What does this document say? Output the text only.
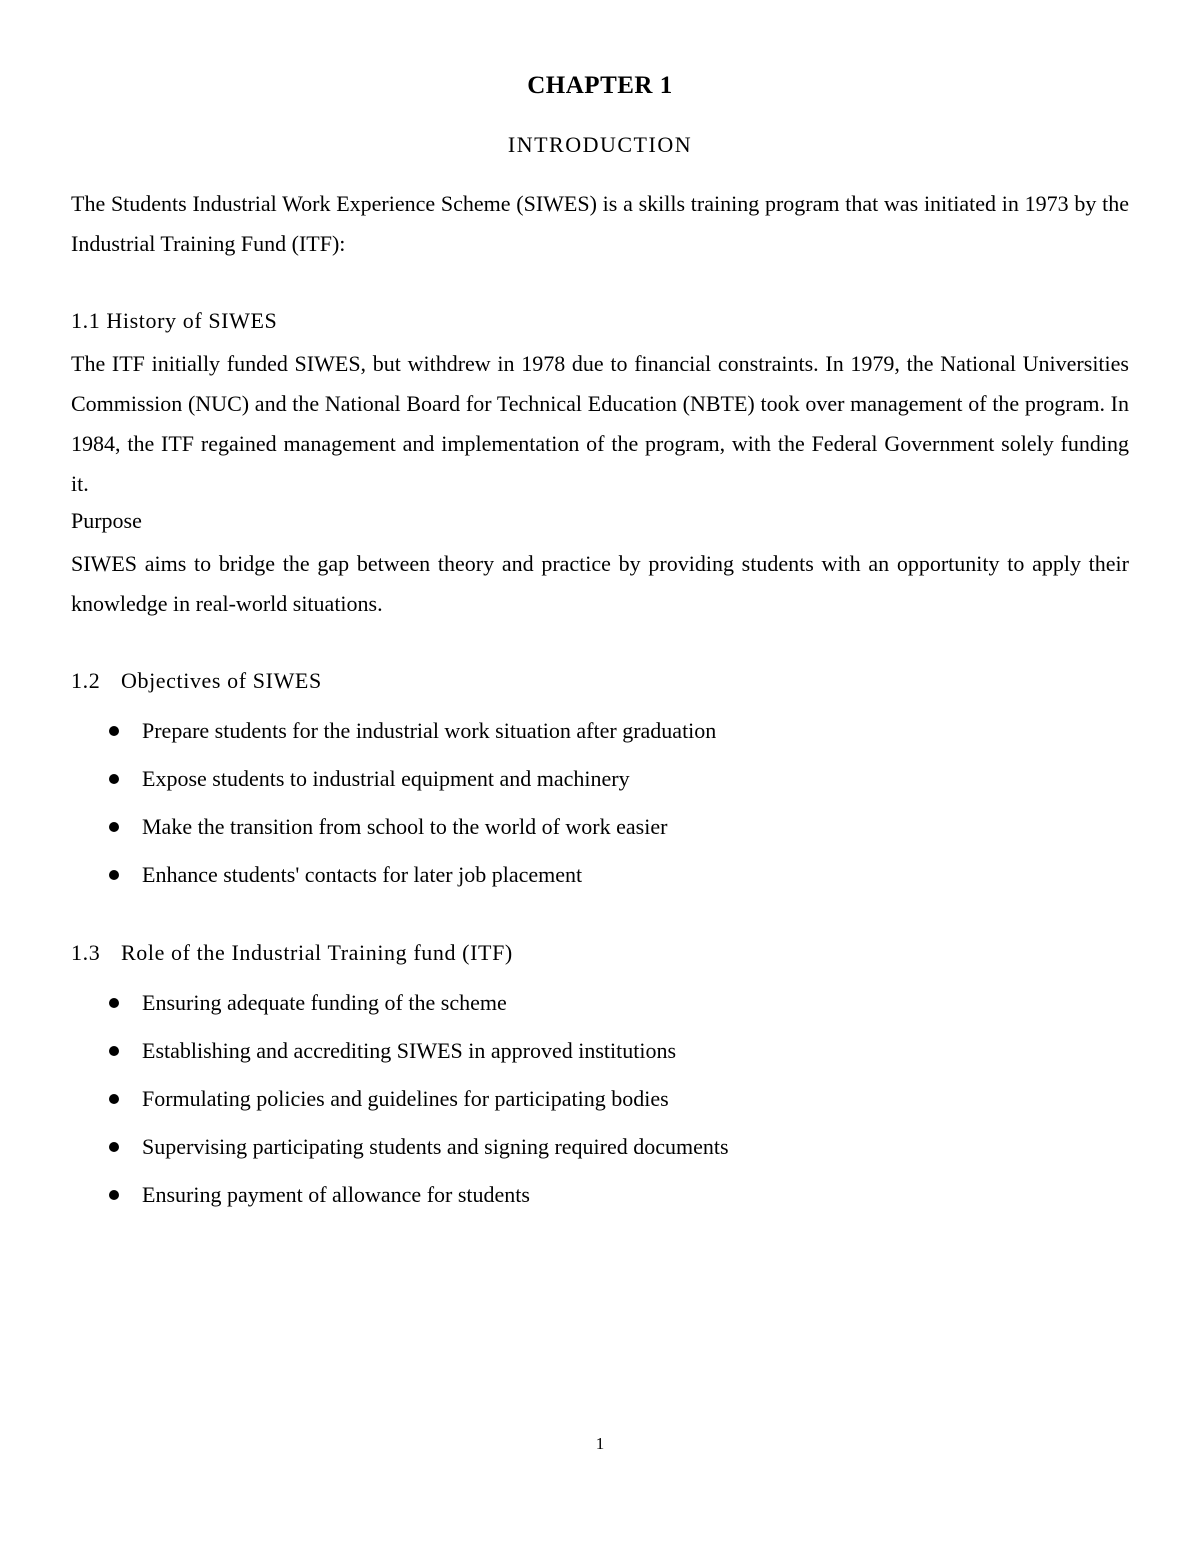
CHAPTER 1
INTRODUCTION
The Students Industrial Work Experience Scheme (SIWES) is a skills training program that was initiated in 1973 by the Industrial Training Fund (ITF):
1.1 History of SIWES
The ITF initially funded SIWES, but withdrew in 1978 due to financial constraints. In 1979, the National Universities Commission (NUC) and the National Board for Technical Education (NBTE) took over management of the program. In 1984, the ITF regained management and implementation of the program, with the Federal Government solely funding it.
Purpose
SIWES aims to bridge the gap between theory and practice by providing students with an opportunity to apply their knowledge in real-world situations.
1.2 Objectives of SIWES
Prepare students for the industrial work situation after graduation
Expose students to industrial equipment and machinery
Make the transition from school to the world of work easier
Enhance students' contacts for later job placement
1.3 Role of the Industrial Training fund (ITF)
Ensuring adequate funding of the scheme
Establishing and accrediting SIWES in approved institutions
Formulating policies and guidelines for participating bodies
Supervising participating students and signing required documents
Ensuring payment of allowance for students
1
